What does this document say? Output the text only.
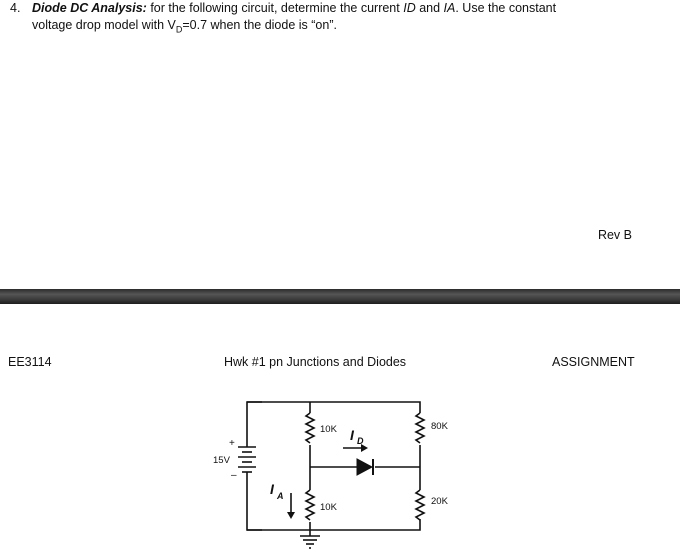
4. Diode DC Analysis: for the following circuit, determine the current ID and IA. Use the constant
voltage drop model with $V_D=0.7$ when the diode is “on”.
Rev B
EE3114	Hwk #1 pn Junctions and Diodes	ASSIGNMENT
10K
10K
80K
20K
15V
+
–
I D
I A
